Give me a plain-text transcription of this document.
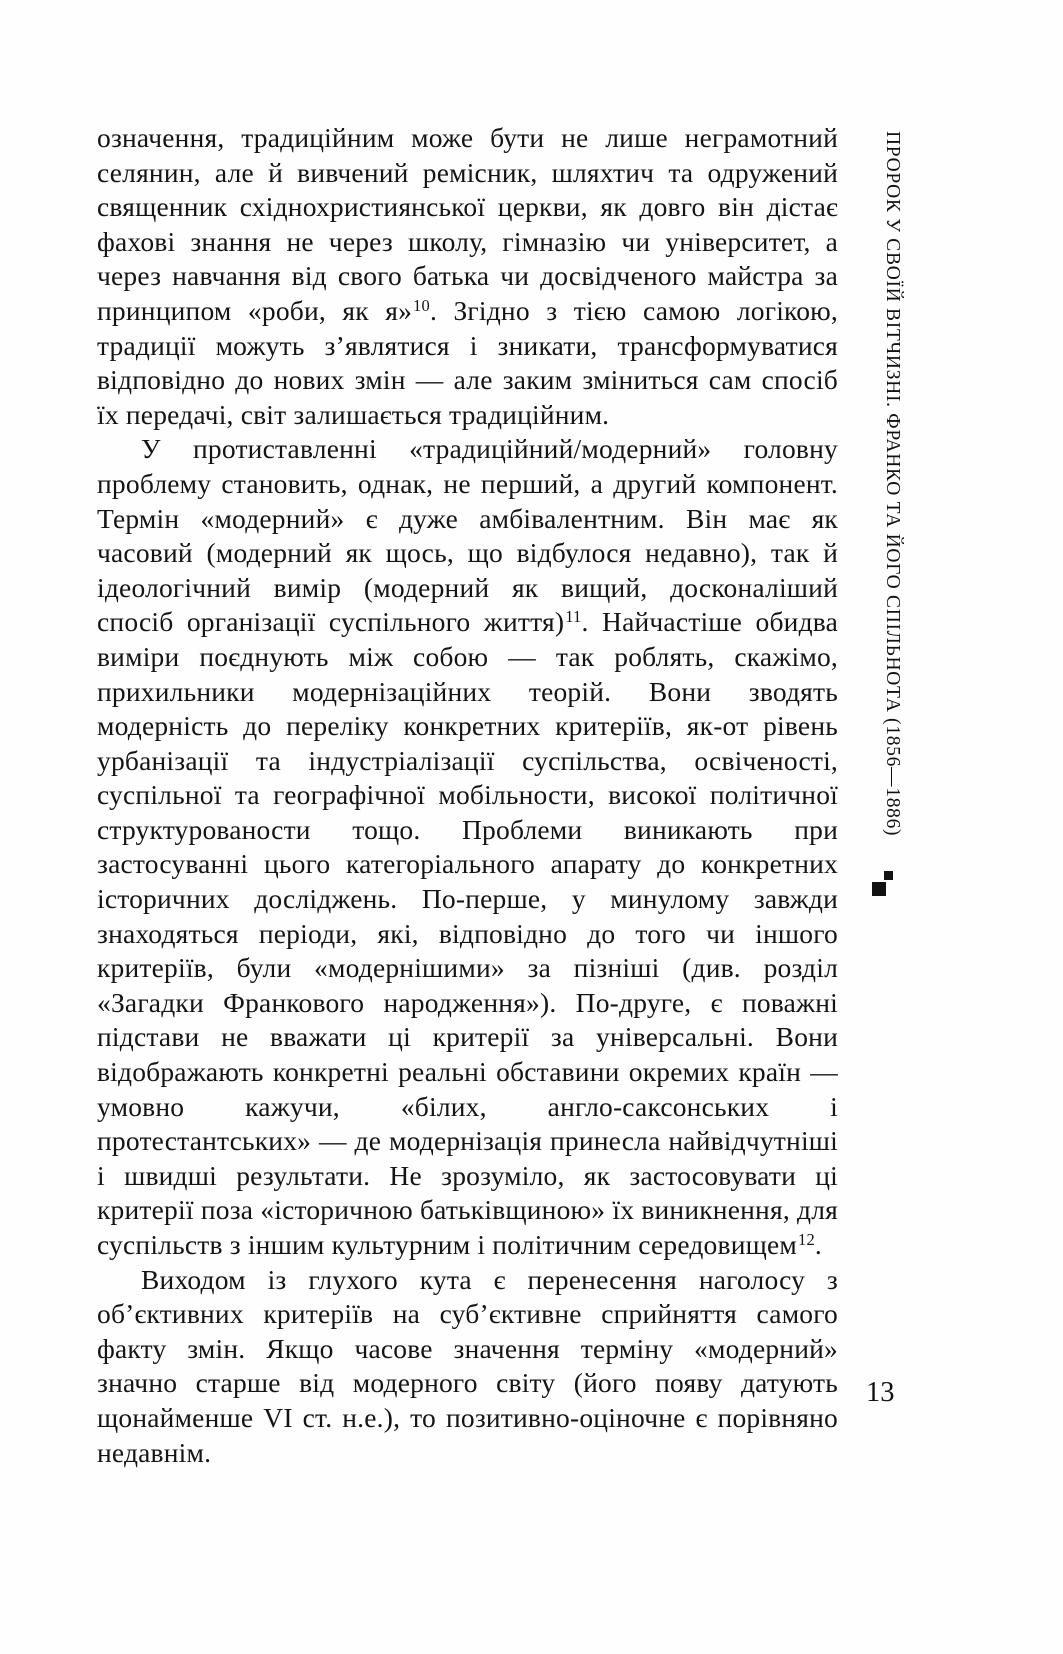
означення, традиційним може бути не лише неграмотний селянин, але й вивчений ремісник, шляхтич та одружений священник східнохристиянської церкви, як довго він дістає фахові знання не через школу, гімназію чи університет, а через навчання від свого батька чи досвідченого майстра за принципом «роби, як я»$^{10}$. Згідно з тією самою логікою, традиції можуть з’являтися і зникати, трансформуватися відповідно до нових змін — але заким зміниться сам спосіб їх передачі, світ залишається традиційним.

У протиставленні «традиційний/модерний» головну проблему становить, однак, не перший, а другий компонент. Термін «модерний» є дуже амбівалентним. Він має як часовий (модерний як щось, що відбулося недавно), так й ідеологічний вимір (модерний як вищий, досконаліший спосіб організації суспільного життя)$^{11}$. Найчастіше обидва виміри поєднують між собою — так роблять, скажімо, прихильники модернізаційних теорій. Вони зводять модерність до переліку конкретних критеріїв, як-от рівень урбанізації та індустріалізації суспільства, освіченості, суспільної та географічної мобільности, високої політичної структурованости тощо. Проблеми виникають при застосуванні цього категоріального апарату до конкретних історичних досліджень. По-перше, у минулому завжди знаходяться періоди, які, відповідно до того чи іншого критеріїв, були «модернішими» за пізніші (див. розділ «Загадки Франкового народження»). По-друге, є поважні підстави не вважати ці критерії за універсальні. Вони відображають конкретні реальні обставини окремих країн — умовно кажучи, «білих, англо-саксонських і протестантських» — де модернізація принесла найвідчутніші і швидші результати. Не зрозуміло, як застосовувати ці критерії поза «історичною батьківщиною» їх виникнення, для суспільств з іншим культурним і політичним середовищем$^{12}$.

Виходом із глухого кута є перенесення наголосу з об’єктивних критеріїв на суб’єктивне сприйняття самого факту змін. Якщо часове значення терміну «модерний» значно старше від модерного світу (його появу датують щонайменше VI ст. н.е.), то позитивно-оціночне є порівняно недавнім.

ПРОРОК У СВОЇЙ ВІТЧИЗНІ. ФРАНКО ТА ЙОГО СПІЛЬНОТА (1856—1886)
13
